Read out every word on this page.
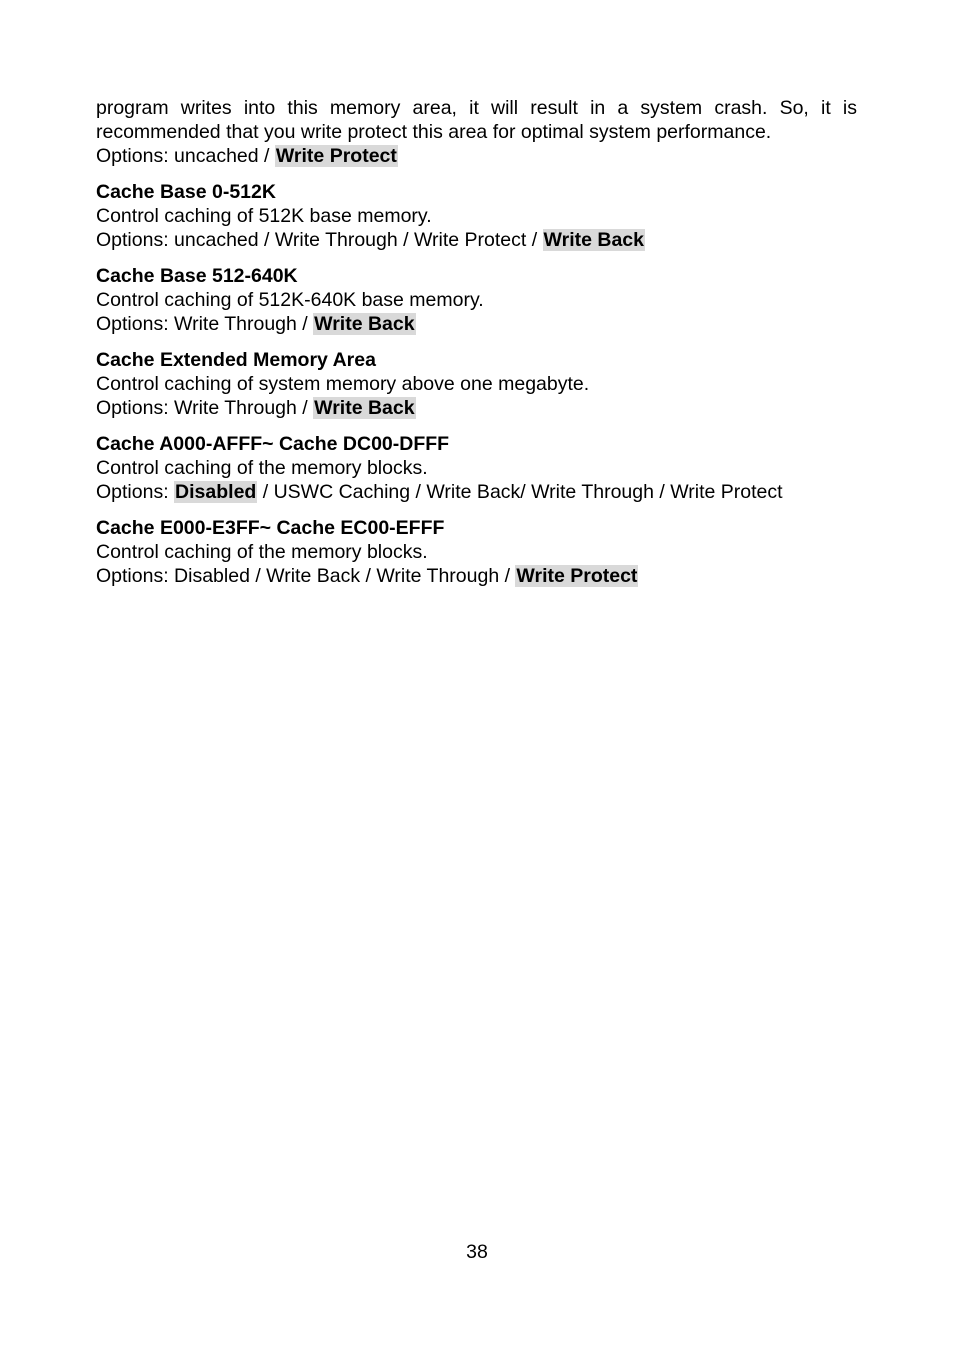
program writes into this memory area, it will result in a system crash. So, it is recommended that you write protect this area for optimal system performance.

Options: uncached / Write Protect

Cache Base 0-512K

Control caching of 512K base memory.

Options: uncached / Write Through / Write Protect / Write Back

Cache Base 512-640K

Control caching of 512K-640K base memory.

Options: Write Through / Write Back

Cache Extended Memory Area

Control caching of system memory above one megabyte.

Options: Write Through / Write Back

Cache A000-AFFF~ Cache DC00-DFFF

Control caching of the memory blocks.

Options: Disabled / USWC Caching / Write Back/ Write Through / Write Protect

Cache E000-E3FF~ Cache EC00-EFFF

Control caching of the memory blocks.

Options: Disabled / Write Back / Write Through / Write Protect

38
